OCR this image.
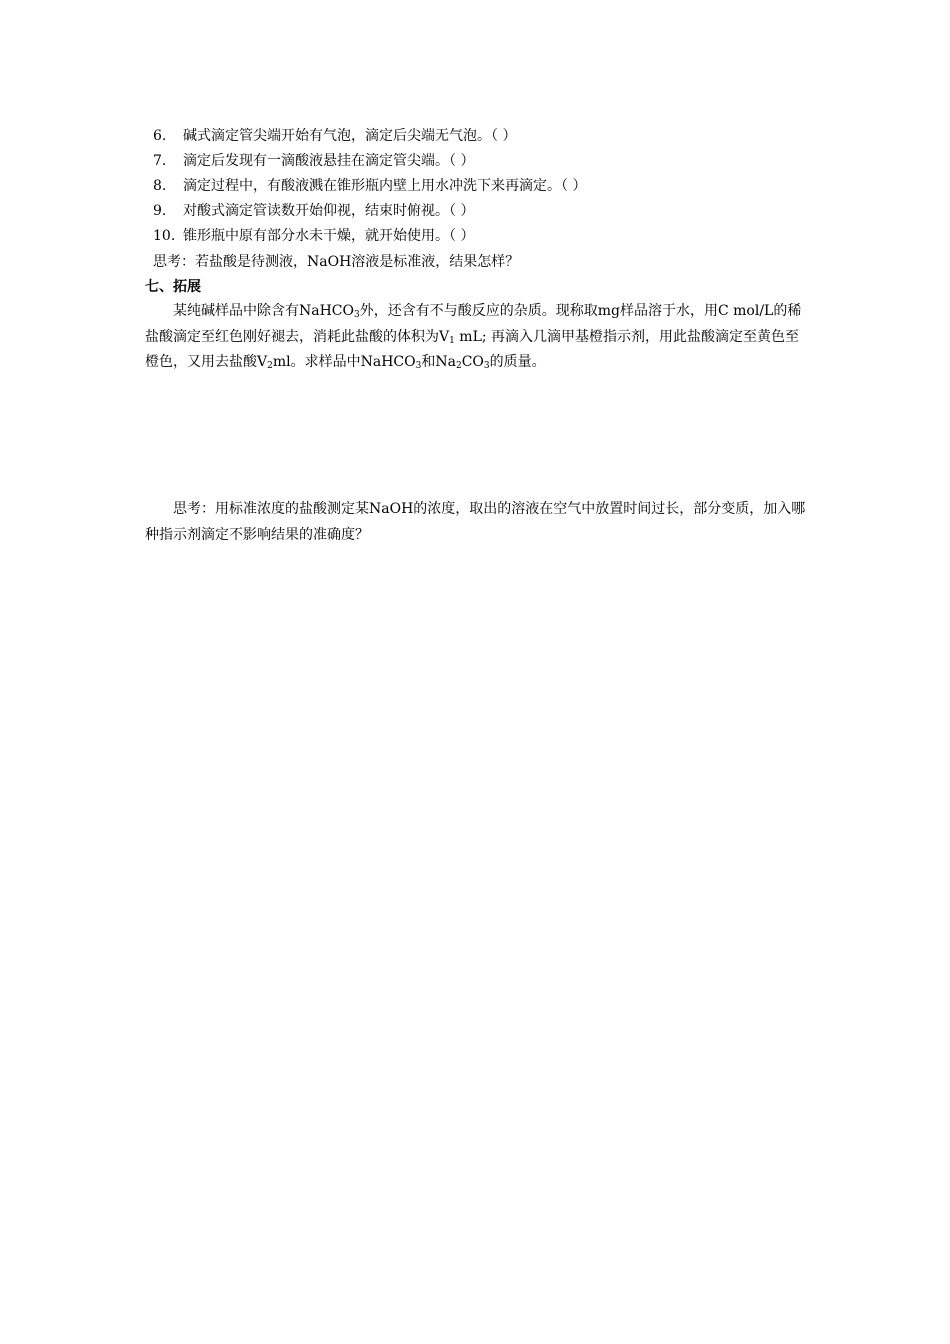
6. 碱式滴定管尖端开始有气泡，滴定后尖端无气泡。（ ）
7. 滴定后发现有一滴酸液悬挂在滴定管尖端。（ ）
8. 滴定过程中，有酸液溅在锥形瓶内壁上用水冲洗下来再滴定。（ ）
9. 对酸式滴定管读数开始仰视，结束时俯视。（ ）
10. 锥形瓶中原有部分水未干燥，就开始使用。（ ）
思考：若盐酸是待测液，NaOH溶液是标准液，结果怎样？
七、拓展
某纯碱样品中除含有NaHCO$_3$外，还含有不与酸反应的杂质。现称取mg样品溶于水，用C mol/L的稀盐酸滴定至红色刚好褪去，消耗此盐酸的体积为$V_1$ mL; 再滴入几滴甲基橙指示剂，用此盐酸滴定至黄色至橙色，又用去盐酸$V_2ml$。求样品中NaHCO$_3$和$Na_2CO_3$的质量。
思考：用标准浓度的盐酸测定某NaOH的浓度，取出的溶液在空气中放置时间过长，部分变质，加入哪种指示剂滴定不影响结果的准确度？
